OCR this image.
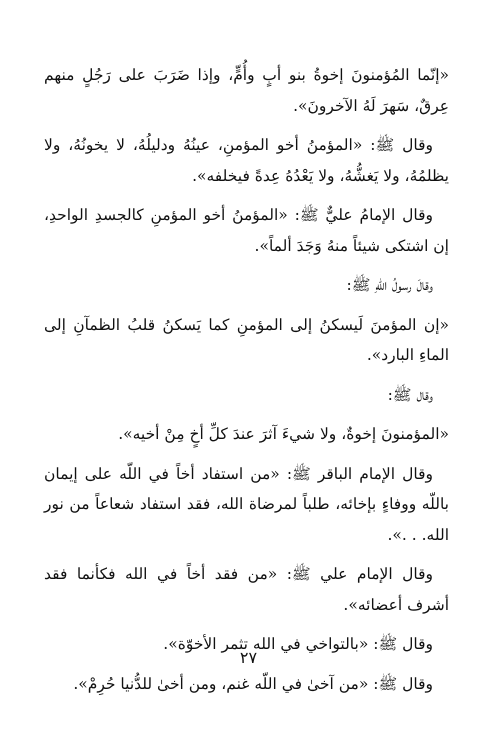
«إنّما المُؤمنونَ إخوةُ بنو أبٍ وأُمٍّ، وإذا ضَرَبَ على رَجُلٍ منهم عِرقٌ، سَهرَ لَهُ الآخرونَ».

وقال ﷺ: «المؤمنُ أخو المؤمنِ، عينُهُ ودليلُهُ، لا يخونُهُ، ولا يظلمُهُ، ولا يَغشُّهُ، ولا يَعْدُهُ عِدةً فيخلفه».

وقال الإمامُ عليٌّ ﷺ: «المؤمنُ أخو المؤمنِ كالجسدِ الواحدِ، إن اشتكى شيئاً منهُ وَجَدَ ألماً».

وقالَ رسولُ اللّهِ ﷺ:

«إن المؤمنَ لَيسكنُ إلى المؤمنِ كما يَسكنُ قلبُ الظمآنِ إلى الماءِ البارد».

وقال ﷺ:

«المؤمنونَ إخوةٌ، ولا شيءَ آثرَ عندَ كلِّ أخٍ مِنْ أخيه».

وقال الإمام الباقر ﷺ: «من استفاد أخاً في اللّه على إيمان باللّه ووفاءٍ بإخائه، طلباً لمرضاة الله، فقد استفاد شعاعاً من نور الله. . .».

وقال الإمام علي ﷺ: «من فقد أخاً في الله فكأنما فقد أشرف أعضائه».

وقال ﷺ: «بالتواخي في الله تثمر الأخوّة».

وقال ﷺ: «من آخىٰ في اللّه غنم، ومن أخىٰ للدُّنيا حُرِمْ».

٢٧
